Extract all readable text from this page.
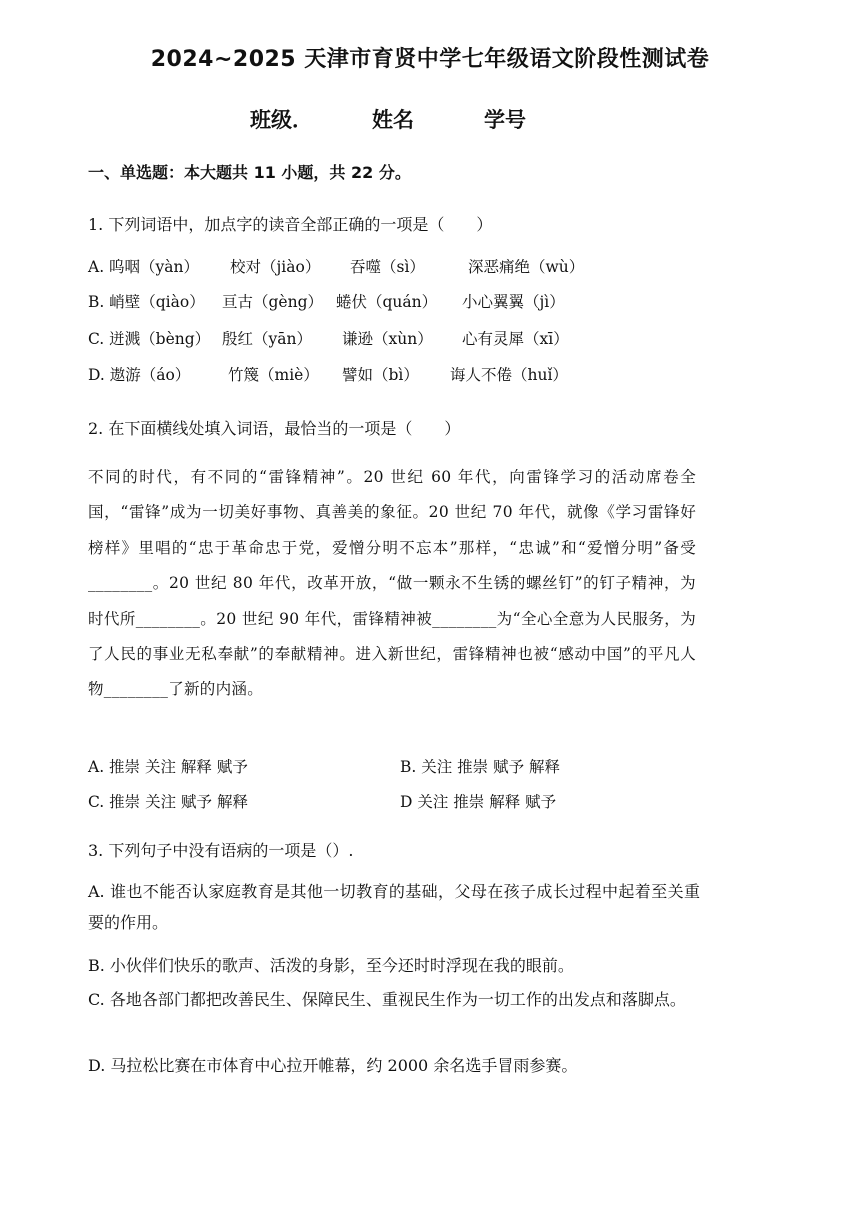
2024~2025 天津市育贤中学七年级语文阶段性测试卷
班级．	姓名	学号
一、单选题：本大题共 11 小题，共 22 分。
1. 下列词语中，加点字的读音全部正确的一项是（　　）
A. 呜咽（yàn） 校对（jiào） 吞噬（sì）	深恶痛绝（wù）
B. 峭壁（qiào） 亘古（gèng） 蜷伏（quán） 小心翼翼（jì）
C. 迸溅（bèng） 殷红（yān） 谦逊（xùn） 心有灵犀（xī）
D. 遨游（áo） 竹篾（miè） 譬如（bì） 诲人不倦（huǐ）
2. 在下面横线处填入词语，最恰当的一项是（　　）
不同的时代，有不同的“雷锋精神”。20 世纪 60 年代，向雷锋学习的活动席卷全国，“雷锋”成为一切美好事物、真善美的象征。20 世纪 70 年代，就像《学习雷锋好榜样》里唱的“忠于革命忠于党，爱憎分明不忘本”那样，“忠诚”和“爱憎分明”备受________。20 世纪 80 年代，改革开放，“做一颗永不生锈的螺丝钉”的钉子精神，为时代所________。20 世纪 90 年代，雷锋精神被________为“全心全意为人民服务，为了人民的事业无私奉献”的奉献精神。进入新世纪，雷锋精神也被“感动中国”的平凡人物________了新的内涵。
A. 推崇 关注 解释 赋予	B. 关注 推崇 赋予 解释
C. 推崇 关注 赋予 解释	D 关注 推崇 解释 赋予
3. 下列句子中没有语病的一项是（）.
A. 谁也不能否认家庭教育是其他一切教育的基础，父母在孩子成长过程中起着至关重要的作用。
B. 小伙伴们快乐的歌声、活泼的身影，至今还时时浮现在我的眼前。
C. 各地各部门都把改善民生、保障民生、重视民生作为一切工作的出发点和落脚点。
D. 马拉松比赛在市体育中心拉开帷幕，约 2000 余名选手冒雨参赛。
